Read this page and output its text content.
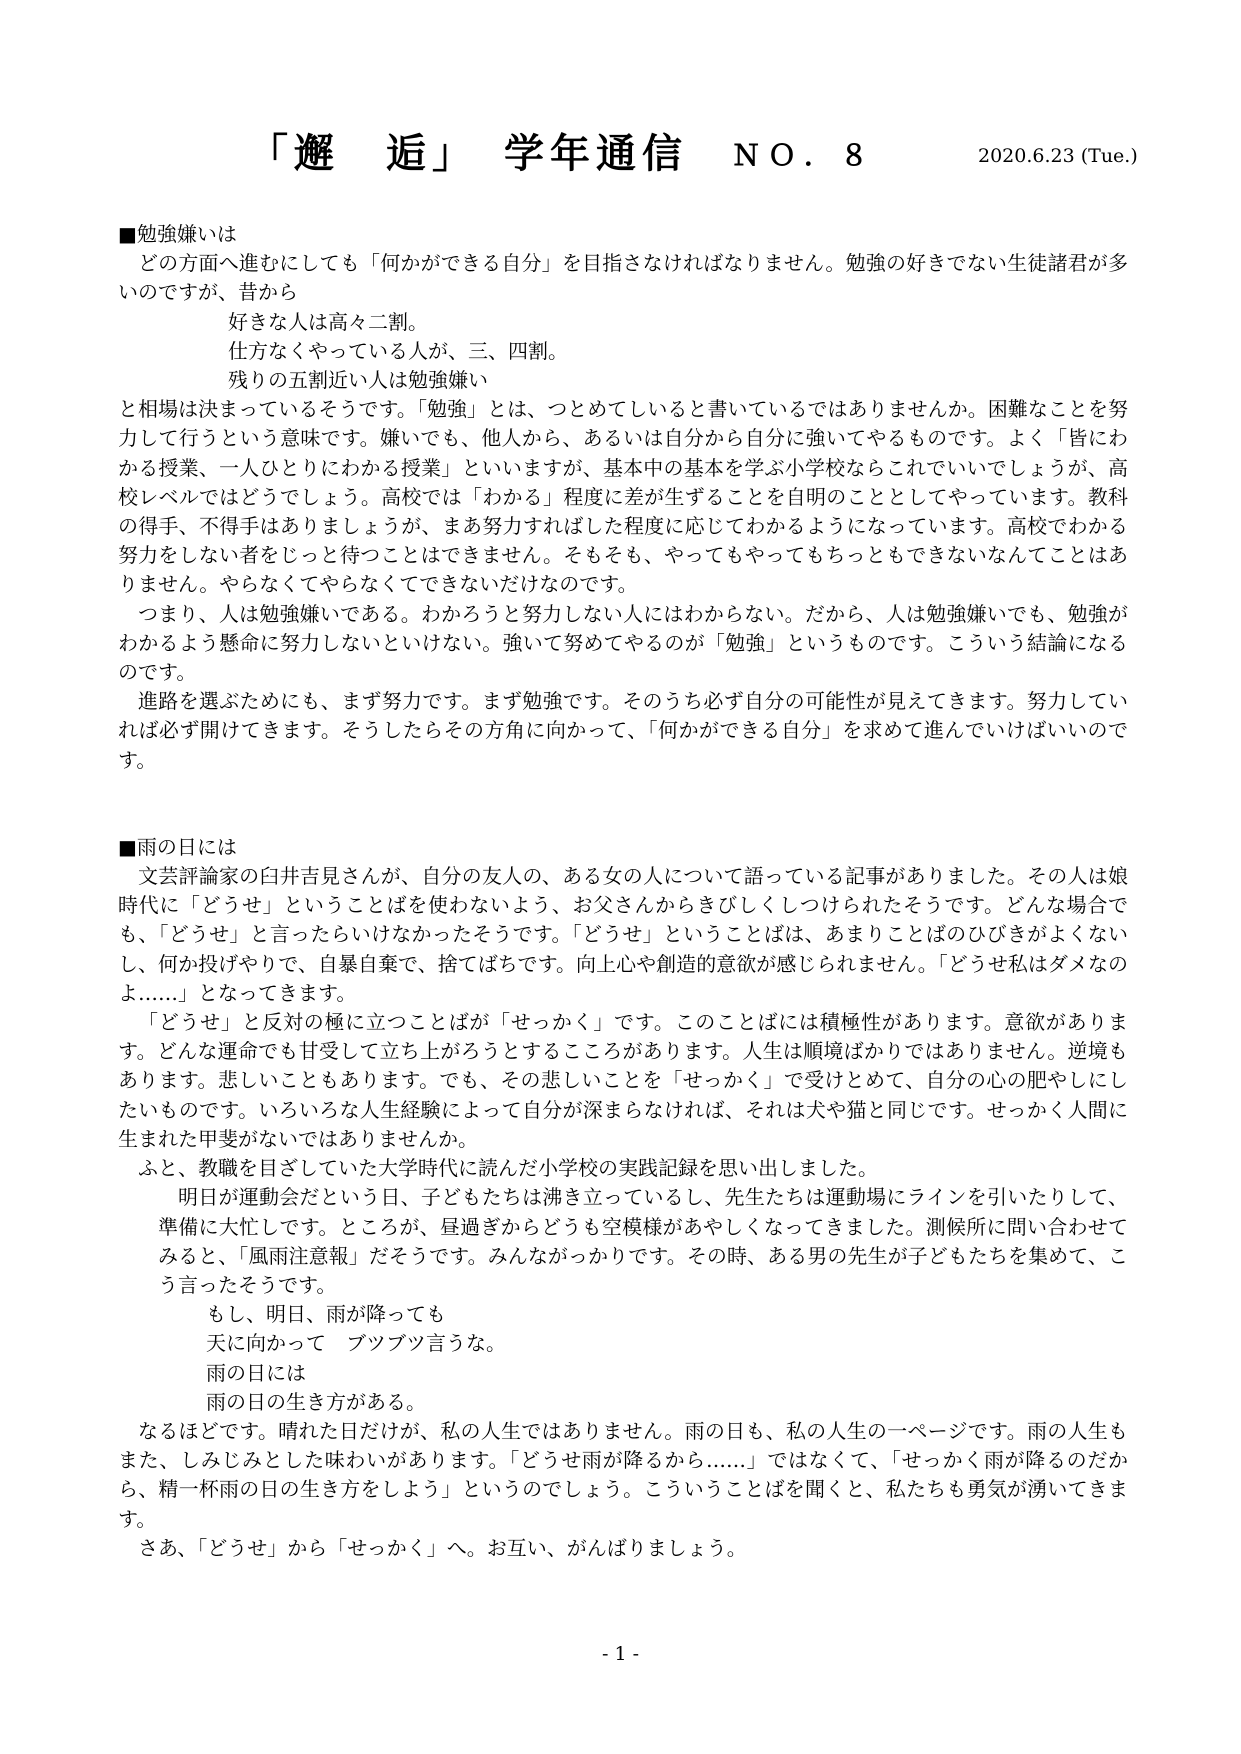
「邂　逅」　学年通信 ＮＯ．８	2020.6.23 (Tue.)
■勉強嫌いは

どの方面へ進むにしても「何かができる自分」を目指さなければなりません。勉強の好きでない生徒諸君が多いのですが、昔から

好きな人は高々二割。

仕方なくやっている人が、三、四割。

残りの五割近い人は勉強嫌い

と相場は決まっているそうです。「勉強」とは、つとめてしいると書いているではありませんか。困難なことを努力して行うという意味です。嫌いでも、他人から、あるいは自分から自分に強いてやるものです。よく「皆にわかる授業、一人ひとりにわかる授業」といいますが、基本中の基本を学ぶ小学校ならこれでいいでしょうが、高校レベルではどうでしょう。高校では「わかる」程度に差が生ずることを自明のこととしてやっています。教科の得手、不得手はありましょうが、まあ努力すればした程度に応じてわかるようになっています。高校でわかる努力をしない者をじっと待つことはできません。そもそも、やってもやってもちっともできないなんてことはありません。やらなくてやらなくてできないだけなのです。

つまり、人は勉強嫌いである。わかろうと努力しない人にはわからない。だから、人は勉強嫌いでも、勉強がわかるよう懸命に努力しないといけない。強いて努めてやるのが「勉強」というものです。こういう結論になるのです。

進路を選ぶためにも、まず努力です。まず勉強です。そのうち必ず自分の可能性が見えてきます。努力していれば必ず開けてきます。そうしたらその方角に向かって、「何かができる自分」を求めて進んでいけばいいのです。

■雨の日には

文芸評論家の臼井吉見さんが、自分の友人の、ある女の人について語っている記事がありました。その人は娘時代に「どうせ」ということばを使わないよう、お父さんからきびしくしつけられたそうです。どんな場合でも、「どうせ」と言ったらいけなかったそうです。「どうせ」ということばは、あまりことばのひびきがよくないし、何か投げやりで、自暴自棄で、捨てばちです。向上心や創造的意欲が感じられません。「どうせ私はダメなのよ……」となってきます。

「どうせ」と反対の極に立つことばが「せっかく」です。このことばには積極性があります。意欲があります。どんな運命でも甘受して立ち上がろうとするこころがあります。人生は順境ばかりではありません。逆境もあります。悲しいこともあります。でも、その悲しいことを「せっかく」で受けとめて、自分の心の肥やしにしたいものです。いろいろな人生経験によって自分が深まらなければ、それは犬や猫と同じです。せっかく人間に生まれた甲斐がないではありませんか。

ふと、教職を目ざしていた大学時代に読んだ小学校の実践記録を思い出しました。

明日が運動会だという日、子どもたちは沸き立っているし、先生たちは運動場にラインを引いたりして、準備に大忙しです。ところが、昼過ぎからどうも空模様があやしくなってきました。測候所に問い合わせてみると、「風雨注意報」だそうです。みんながっかりです。その時、ある男の先生が子どもたちを集めて、こう言ったそうです。

もし、明日、雨が降っても

天に向かって　ブツブツ言うな。

雨の日には

雨の日の生き方がある。

なるほどです。晴れた日だけが、私の人生ではありません。雨の日も、私の人生の一ページです。雨の人生もまた、しみじみとした味わいがあります。「どうせ雨が降るから……」ではなくて、「せっかく雨が降るのだから、精一杯雨の日の生き方をしよう」というのでしょう。こういうことばを聞くと、私たちも勇気が湧いてきます。

さあ、「どうせ」から「せっかく」へ。お互い、がんばりましょう。

- 1 -
